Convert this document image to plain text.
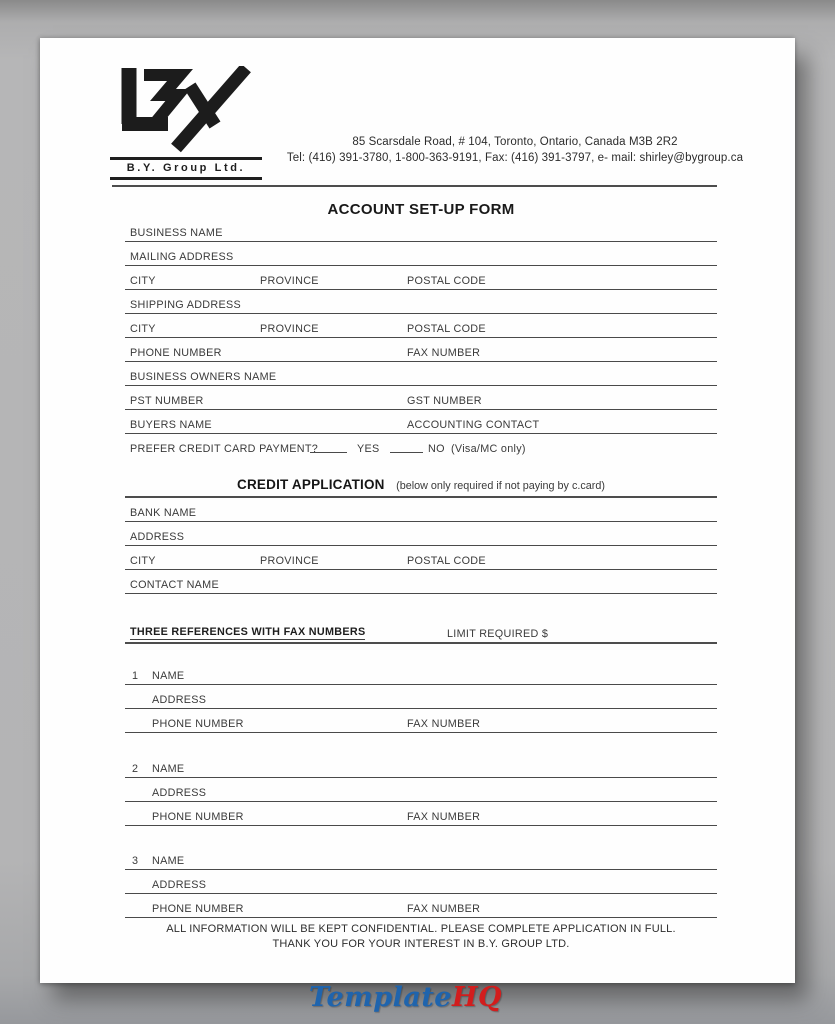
B.Y. Group Ltd.
85 Scarsdale Road, # 104, Toronto, Ontario, Canada M3B 2R2
Tel: (416) 391-3780, 1-800-363-9191, Fax: (416) 391-3797, e- mail: shirley@bygroup.ca
ACCOUNT SET-UP FORM
BUSINESS NAME
MAILING ADDRESS
CITY	PROVINCE	POSTAL CODE
SHIPPING ADDRESS
CITY	PROVINCE	POSTAL CODE
PHONE NUMBER	FAX NUMBER
BUSINESS OWNERS NAME
PST NUMBER	GST NUMBER
BUYERS NAME	ACCOUNTING CONTACT
PREFER CREDIT CARD PAYMENT?	YES	NO (Visa/MC only)
CREDIT APPLICATION (below only required if not paying by c.card)
BANK NAME
ADDRESS
CITY	PROVINCE	POSTAL CODE
CONTACT NAME
THREE REFERENCES WITH FAX NUMBERS	LIMIT REQUIRED $
1 NAME
ADDRESS
PHONE NUMBER	FAX NUMBER
2 NAME
ADDRESS
PHONE NUMBER	FAX NUMBER
3 NAME
ADDRESS
PHONE NUMBER	FAX NUMBER
ALL INFORMATION WILL BE KEPT CONFIDENTIAL. PLEASE COMPLETE APPLICATION IN FULL.
THANK YOU FOR YOUR INTEREST IN B.Y. GROUP LTD.
TemplateHQ
